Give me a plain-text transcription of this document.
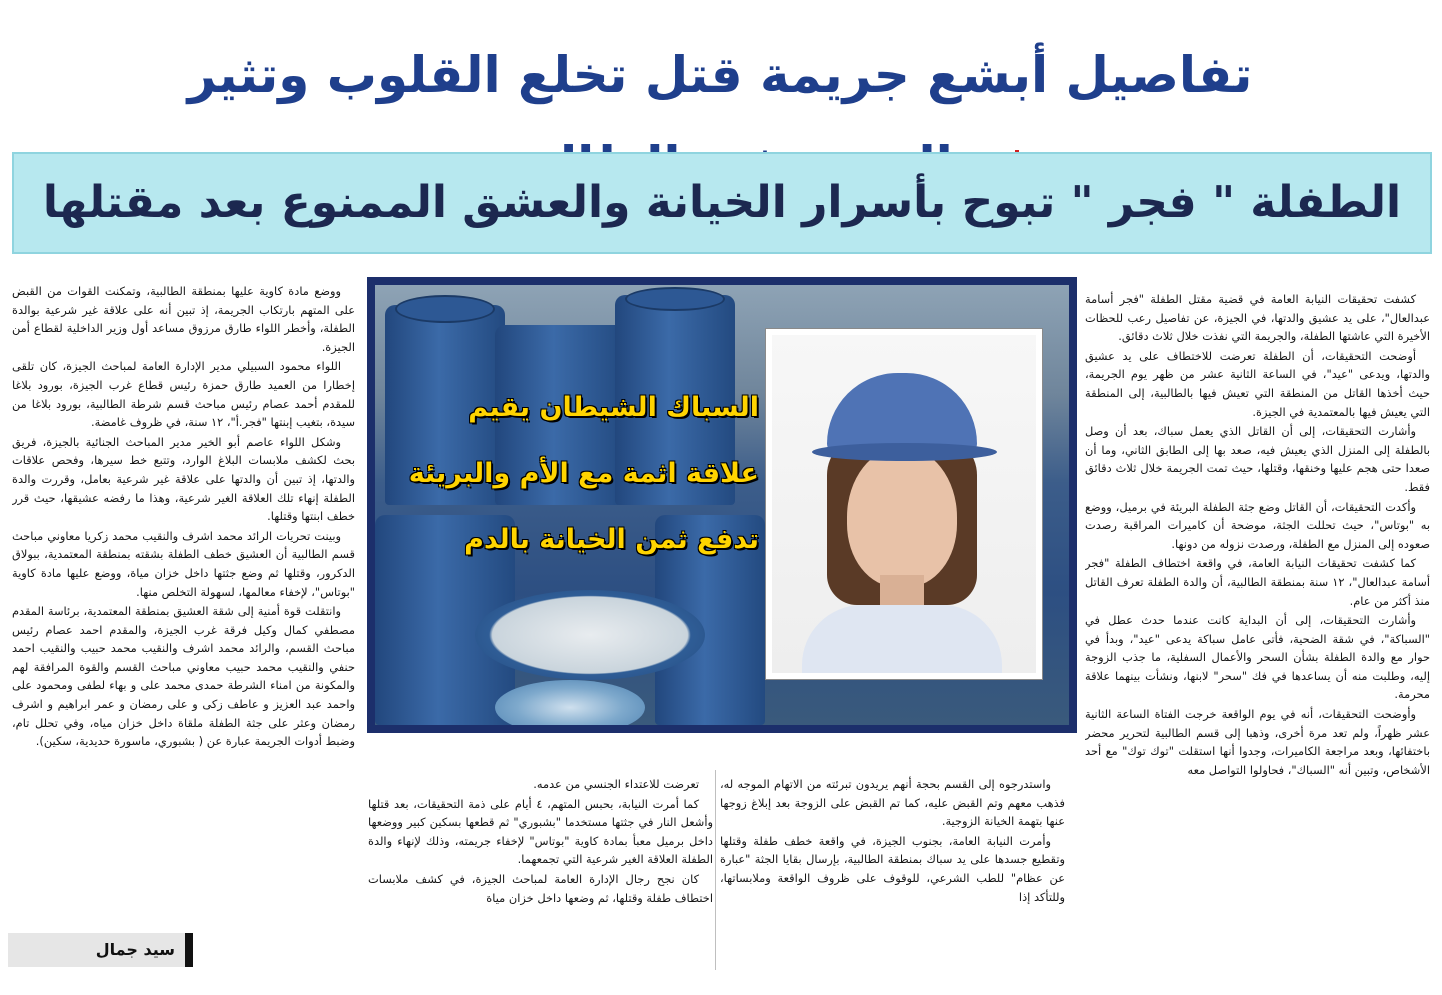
تفاصيل أبشع جريمة قتل تخلع القلوب وتثير
الطفلة " فجر " تبوح بأسرار الخيانة والعشق الممنوع بعد مقتلها

كشفت تحقيقات النيابة العامة في قضية مقتل الطفلة "فجر أسامة عبدالعال"، على يد عشيق والدتها، في الجيزة، عن تفاصيل رعب للحظات الأخيرة التي عاشتها الطفلة، والجريمة التي نفذت خلال ثلاث دقائق.

أوضحت التحقيقات، أن الطفلة تعرضت للاختطاف على يد عشيق والدتها، ويدعى "عيد"، في الساعة الثانية عشر من ظهر يوم الجريمة، حيث أخذها القاتل من المنطقة التي تعيش فيها بالطالبية، إلى المنطقة التي يعيش فيها بالمعتمدية في الجيزة.

وأشارت التحقيقات، إلى أن القاتل الذي يعمل سباك، بعد أن وصل بالطفلة إلى المنزل الذي يعيش فيه، صعد بها إلى الطابق الثاني، وما أن صعدا حتى هجم عليها وخنقها، وقتلها، حيث تمت الجريمة خلال ثلاث دقائق فقط.

وأكدت التحقيقات، أن القاتل وضع جثة الطفلة البريئة في برميل، ووضع به "بوتاس"، حيث تحللت الجثة، موضحة أن كاميرات المراقبة رصدت صعوده إلى المنزل مع الطفلة، ورصدت نزوله من دونها.

كما كشفت تحقيقات النيابة العامة، في واقعة اختطاف الطفلة "فجر أسامة عبدالعال"، ١٢ سنة بمنطقة الطالبية، أن والدة الطفلة تعرف القاتل منذ أكثر من عام.

وأشارت التحقيقات، إلى أن البداية كانت عندما حدث عطل في "السباكة"، في شقة الضحية، فأتى عامل سباكة يدعى "عيد"، وبدأ في حوار مع والدة الطفلة بشأن السحر والأعمال السفلية، ما جذب الزوجة إليه، وطلبت منه أن يساعدها في فك "سحر" لابنها، ونشأت بينهما علاقة محرمة.

وأوضحت التحقيقات، أنه في يوم الواقعة خرجت الفتاة الساعة الثانية عشر ظهراً، ولم تعد مرة أخرى، وذهبا إلى قسم الطالبية لتحرير محضر باختفائها، وبعد مراجعة الكاميرات، وجدوا أنها استقلت "توك توك" مع أحد الأشخاص، وتبين أنه "السباك"، فحاولوا التواصل معه

السباك الشيطان يقيم
علاقة اثمة مع الأم والبريئة
تدفع ثمن الخيانة بالدم

واستدرجوه إلى القسم بحجة أنهم يريدون تبرئته من الاتهام الموجه له، فذهب معهم وتم القبض عليه، كما تم القبض على الزوجة بعد إبلاغ زوجها عنها بتهمة الخيانة الزوجية.

وأمرت النيابة العامة، بجنوب الجيزة، في واقعة خطف طفلة وقتلها وتقطيع جسدها على يد سباك بمنطقة الطالبية، بإرسال بقايا الجثة "عبارة عن عظام" للطب الشرعي، للوقوف على ظروف الواقعة وملابساتها، وللتأكد إذا

تعرضت للاعتداء الجنسي من عدمه.

كما أمرت النيابة، بحبس المتهم، ٤ أيام على ذمة التحقيقات، بعد قتلها وأشعل النار في جثتها مستخدما "بشبوري" ثم قطعها بسكين كبير ووضعها داخل برميل معبأ بمادة كاوية "بوتاس" لإخفاء جريمته، وذلك لإنهاء والدة الطفلة العلاقة الغير شرعية التي تجمعهما.

كان نجح رجال الإدارة العامة لمباحث الجيزة، في كشف ملابسات اختطاف طفلة وقتلها، ثم وضعها داخل خزان مياة

ووضع مادة كاوية عليها بمنطقة الطالبية، وتمكنت القوات من القبض على المتهم بارتكاب الجريمة، إذ تبين أنه على علاقة غير شرعية بوالدة الطفلة، وأخطر اللواء طارق مرزوق مساعد أول وزير الداخلية لقطاع أمن الجيزة.

اللواء محمود السبيلي مدير الإدارة العامة لمباحث الجيزة، كان تلقى إخطارا من العميد طارق حمزة رئيس قطاع غرب الجيزة، بورود بلاغا للمقدم أحمد عصام رئيس مباحث قسم شرطة الطالبية، بورود بلاغا من سيدة، بتغيب إبنتها "فجر.أ"، ١٢ سنة، في ظروف غامضة.

وشكل اللواء عاصم أبو الخير مدير المباحث الجنائية بالجيزة، فريق بحث لكشف ملابسات البلاغ الوارد، وتتبع خط سيرها، وفحص علاقات والدتها، إذ تبين أن والدتها على علاقة غير شرعية بعامل، وقررت والدة الطفلة إنهاء تلك العلاقة الغير شرعية، وهذا ما رفضه عشيقها، حيث قرر خطف ابنتها وقتلها.

وبينت تحريات الرائد محمد اشرف والنقيب محمد زكريا معاوني مباحث قسم الطالبية أن العشيق خطف الطفلة بشقته بمنطقة المعتمدية، ببولاق الدكرور، وقتلها ثم وضع جثتها داخل خزان مياة، ووضع عليها مادة كاوية "بوتاس"، لإخفاء معالمها، لسهولة التخلص منها.

وانتقلت قوة أمنية إلى شقة العشيق بمنطقة المعتمدية، برئاسة المقدم مصطفي كمال وكيل فرقة غرب الجيزة، والمقدم احمد عصام رئيس مباحث القسم، والرائد محمد اشرف والنقيب محمد حبيب والنقيب احمد حنفي والنقيب محمد حبيب معاوني مباحث القسم والقوة المرافقة لهم والمكونة من امناء الشرطة حمدى محمد على و بهاء لطفى ومحمود على واحمد عبد العزيز و عاطف زكى و على رمضان و عمر ابراهيم و اشرف رمضان وعثر على جثة الطفلة ملقاة داخل خزان مياه، وفي تحلل تام، وضبط أدوات الجريمة عبارة عن ( بشبوري، ماسورة حديدية، سكين).

سيد جمال
